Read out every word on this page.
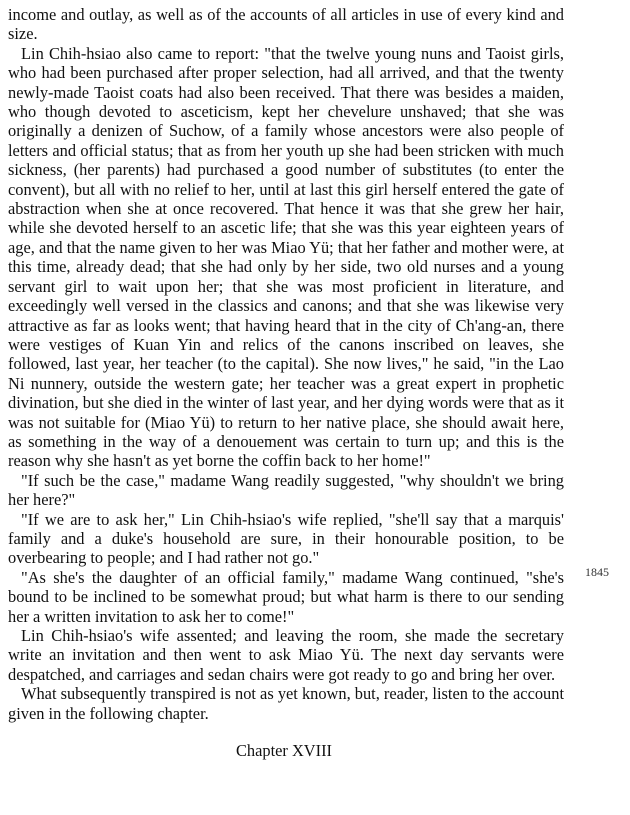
income and outlay, as well as of the accounts of all articles in use of every kind and size.

Lin Chih-hsiao also came to report: "that the twelve young nuns and Taoist girls, who had been purchased after proper selection, had all arrived, and that the twenty newly-made Taoist coats had also been received. That there was besides a maiden, who though devoted to asceticism, kept her chevelure unshaved; that she was originally a denizen of Suchow, of a family whose ancestors were also people of letters and official status; that as from her youth up she had been stricken with much sickness, (her parents) had purchased a good number of substitutes (to enter the convent), but all with no relief to her, until at last this girl herself entered the gate of abstraction when she at once recovered. That hence it was that she grew her hair, while she devoted herself to an ascetic life; that she was this year eighteen years of age, and that the name given to her was Miao Yü; that her father and mother were, at this time, already dead; that she had only by her side, two old nurses and a young servant girl to wait upon her; that she was most proficient in literature, and exceedingly well versed in the classics and canons; and that she was likewise very attractive as far as looks went; that having heard that in the city of Ch'ang-an, there were vestiges of Kuan Yin and relics of the canons inscribed on leaves, she followed, last year, her teacher (to the capital). She now lives," he said, "in the Lao Ni nunnery, outside the western gate; her teacher was a great expert in prophetic divination, but she died in the winter of last year, and her dying words were that as it was not suitable for (Miao Yü) to return to her native place, she should await here, as something in the way of a denouement was certain to turn up; and this is the reason why she hasn't as yet borne the coffin back to her home!"

"If such be the case," madame Wang readily suggested, "why shouldn't we bring her here?"

"If we are to ask her," Lin Chih-hsiao's wife replied, "she'll say that a marquis' family and a duke's household are sure, in their honourable position, to be overbearing to people; and I had rather not go."

"As she's the daughter of an official family," madame Wang continued, "she's bound to be inclined to be somewhat proud; but what harm is there to our sending her a written invitation to ask her to come!"

Lin Chih-hsiao's wife assented; and leaving the room, she made the secretary write an invitation and then went to ask Miao Yü. The next day servants were despatched, and carriages and sedan chairs were got ready to go and bring her over.

What subsequently transpired is not as yet known, but, reader, listen to the account given in the following chapter.

Chapter XVIII
1845
